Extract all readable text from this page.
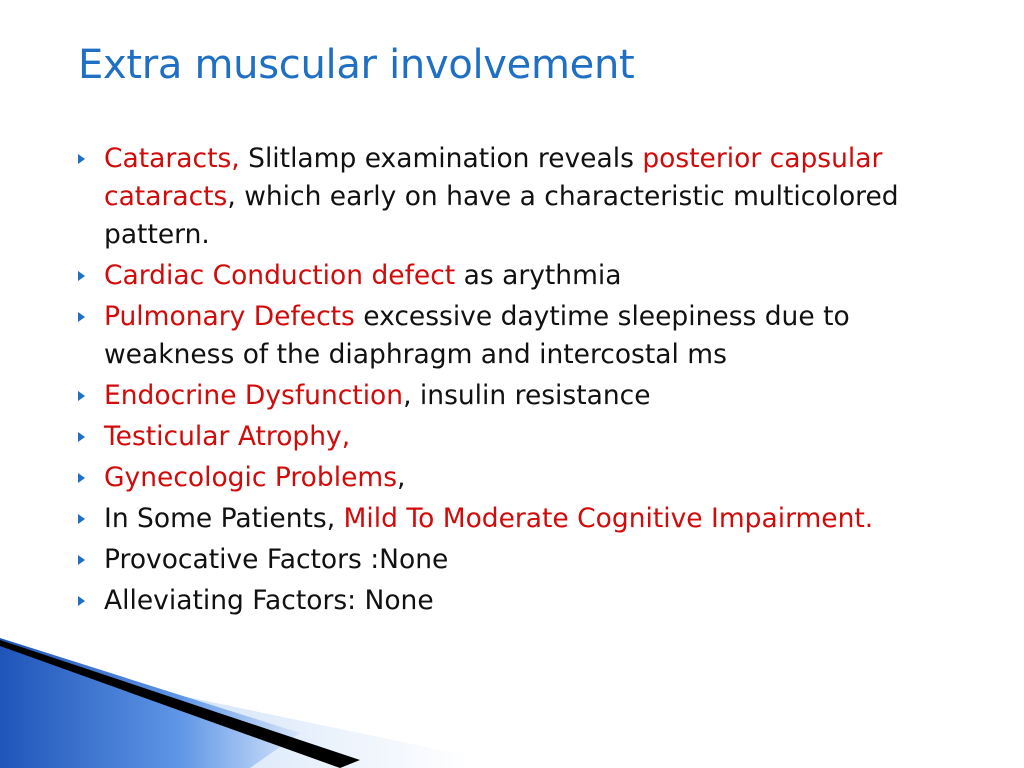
Extra muscular involvement
Cataracts, Slitlamp examination reveals posterior capsular cataracts, which early on have a characteristic multicolored pattern.
Cardiac Conduction defect as arythmia
Pulmonary Defects excessive daytime sleepiness due to weakness of the diaphragm and intercostal ms
Endocrine Dysfunction, insulin resistance
Testicular Atrophy,
Gynecologic Problems,
In Some Patients, Mild To Moderate Cognitive Impairment.
Provocative Factors :None
Alleviating Factors: None
